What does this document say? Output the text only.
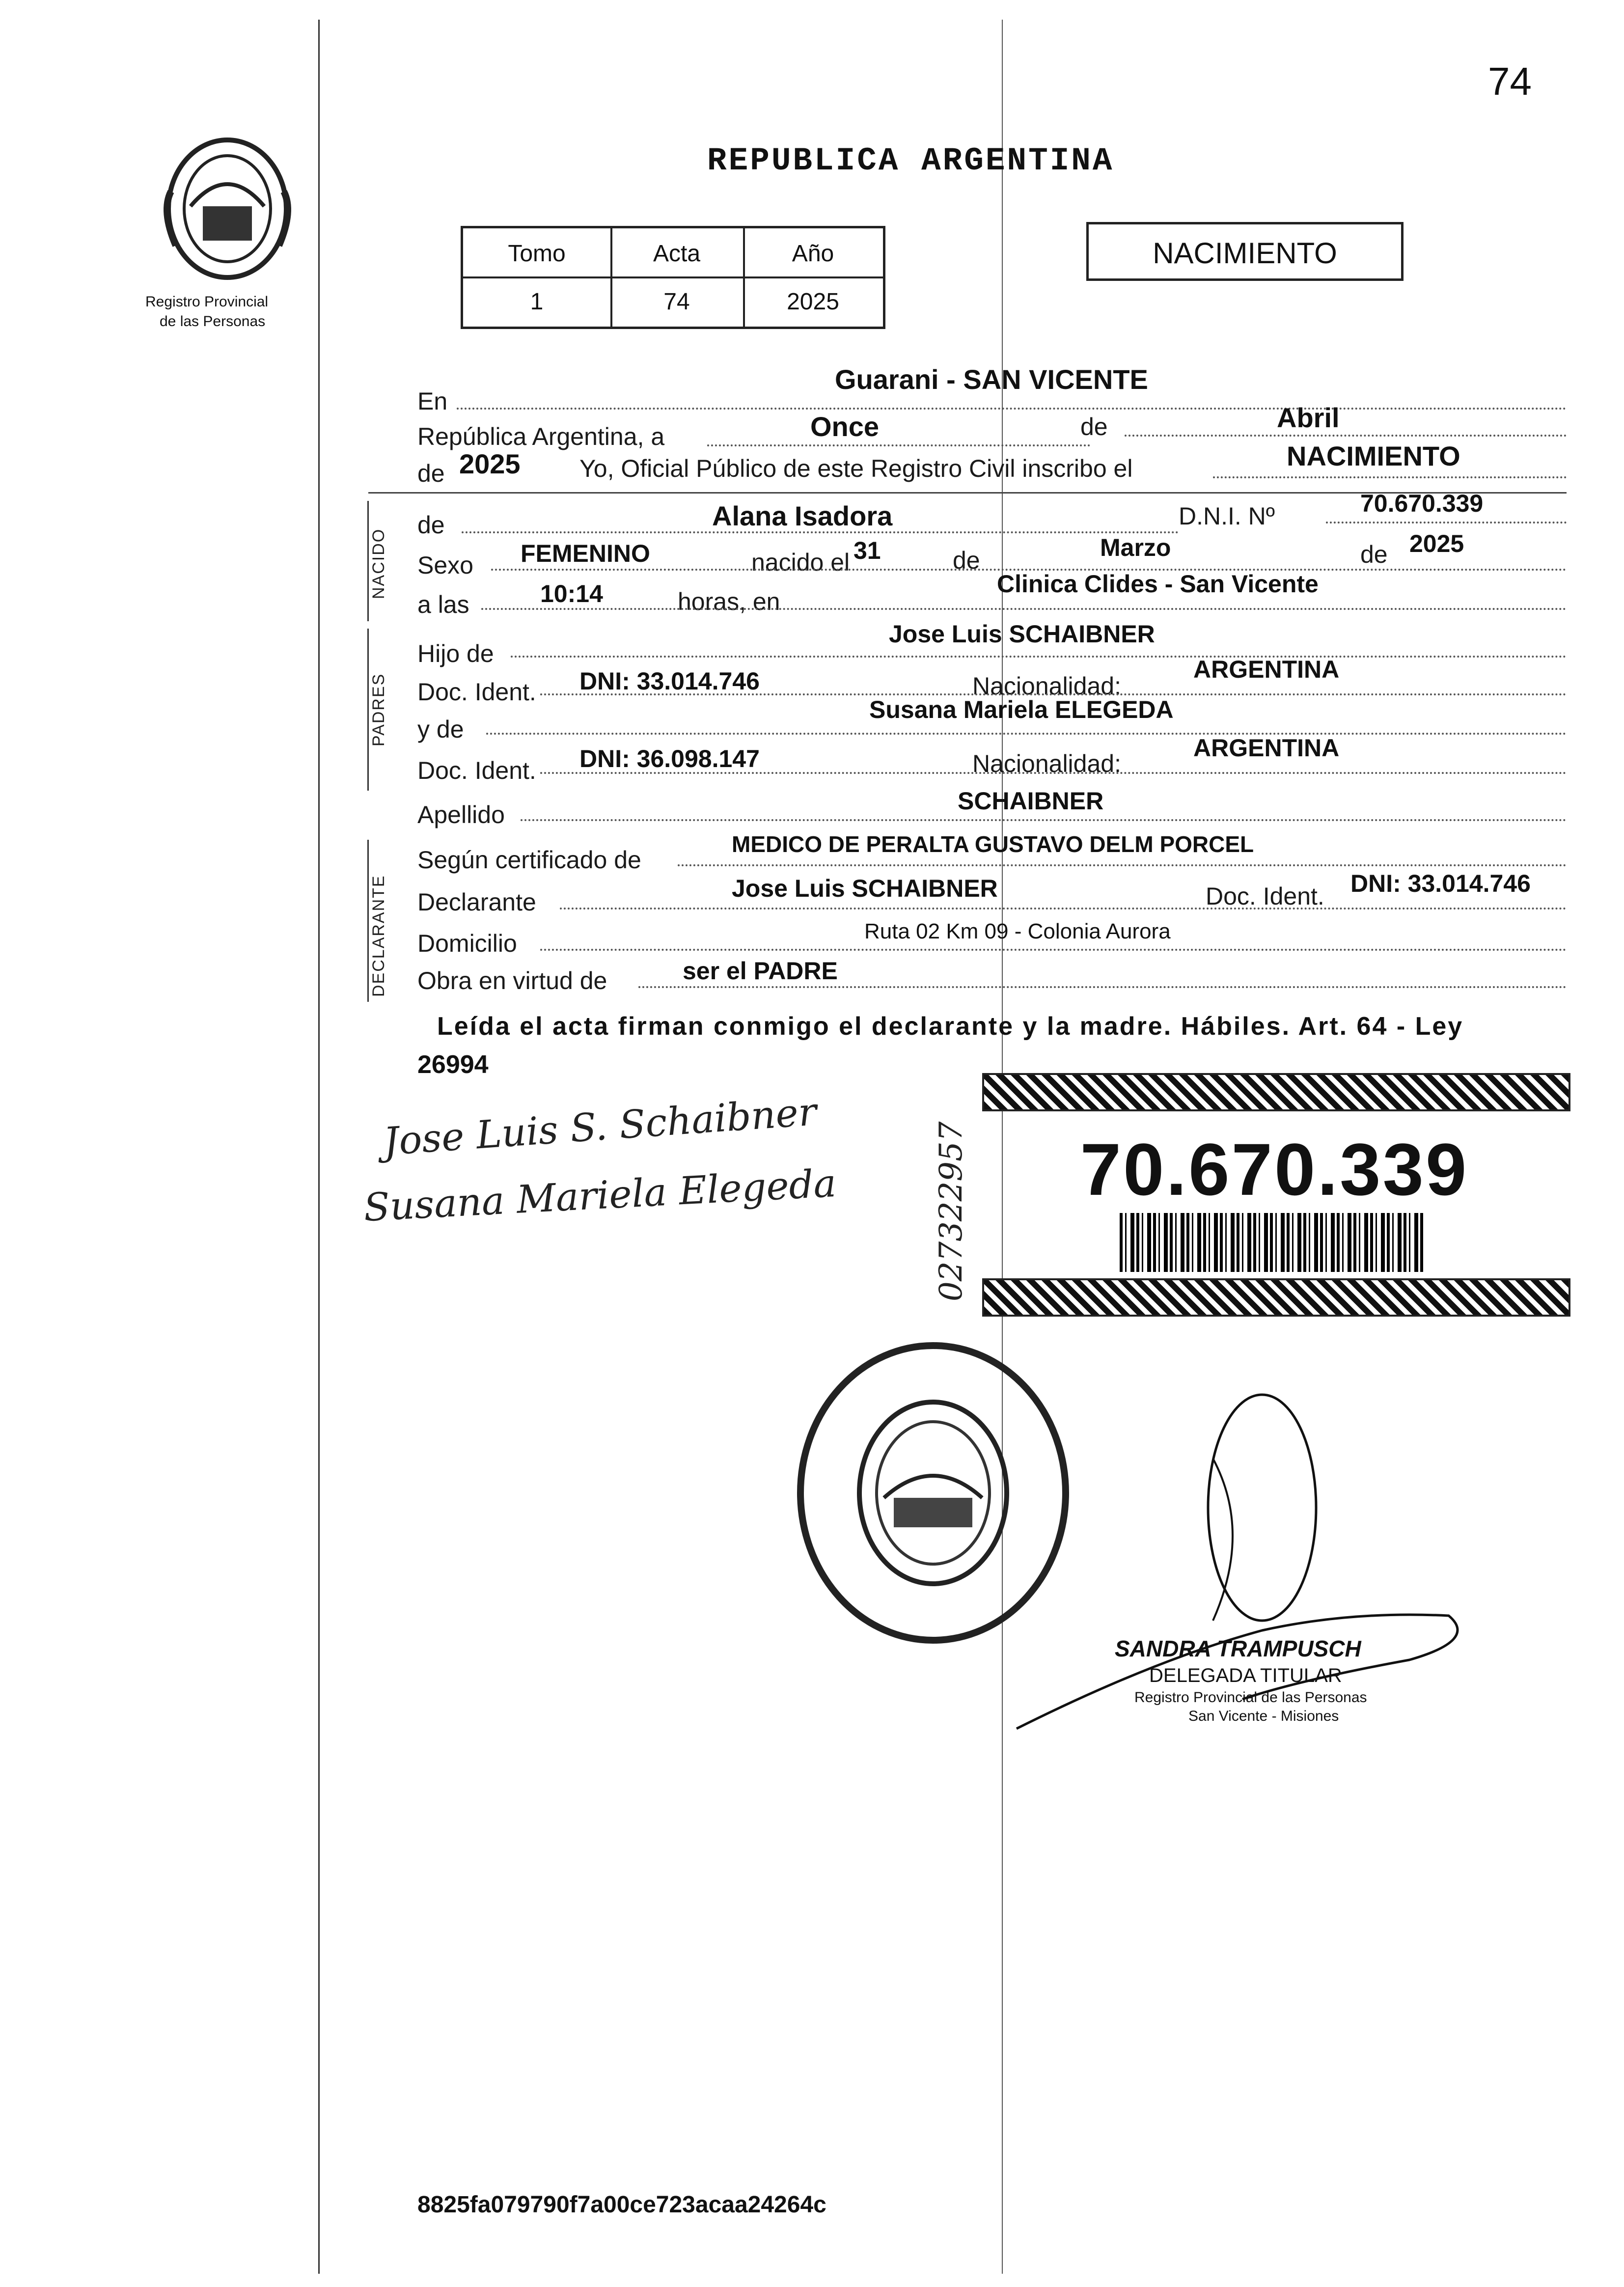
74
Registro Provincial
de las Personas
REPUBLICA ARGENTINA
Tomo	Acta	Año
1	74	2025
NACIMIENTO
En
Guarani - SAN VICENTE
República Argentina, a	Once	de	Abril
de 2025 Yo, Oficial Público de este Registro Civil inscribo el	NACIMIENTO
NACIDO
de	Alana Isadora	D.N.I. Nº	70.670.339
Sexo FEMENINO	nacido el 31	de	Marzo	de 2025
a las	10:14	horas, en
Clinica Clides - San Vicente
PADRES
Hijo de
Jose Luis SCHAIBNER
Doc. Ident. DNI: 33.014.746	Nacionalidad:
ARGENTINA
y de
Susana Mariela ELEGEDA
Doc. Ident. DNI: 36.098.147	Nacionalidad:
ARGENTINA
Apellido	SCHAIBNER
DECLARANTE
Según certificado de
MEDICO DE PERALTA GUSTAVO DELM PORCEL
Declarante	Jose Luis SCHAIBNER	Doc. Ident. DNI: 33.014.746
Domicilio	Ruta 02 Km 09 - Colonia Aurora
Obra en virtud de	ser el PADRE
Leída el acta firman conmigo el declarante y la madre. Hábiles. Art. 64 - Ley
26994
Jose Luis S. Schaibner
Susana Mariela Elegeda	027322957	70.670.339
SANDRA TRAMPUSCH
DELEGADA TITULAR
Registro Provincial de las Personas
San Vicente - Misiones
8825fa079790f7a00ce723acaa24264c
